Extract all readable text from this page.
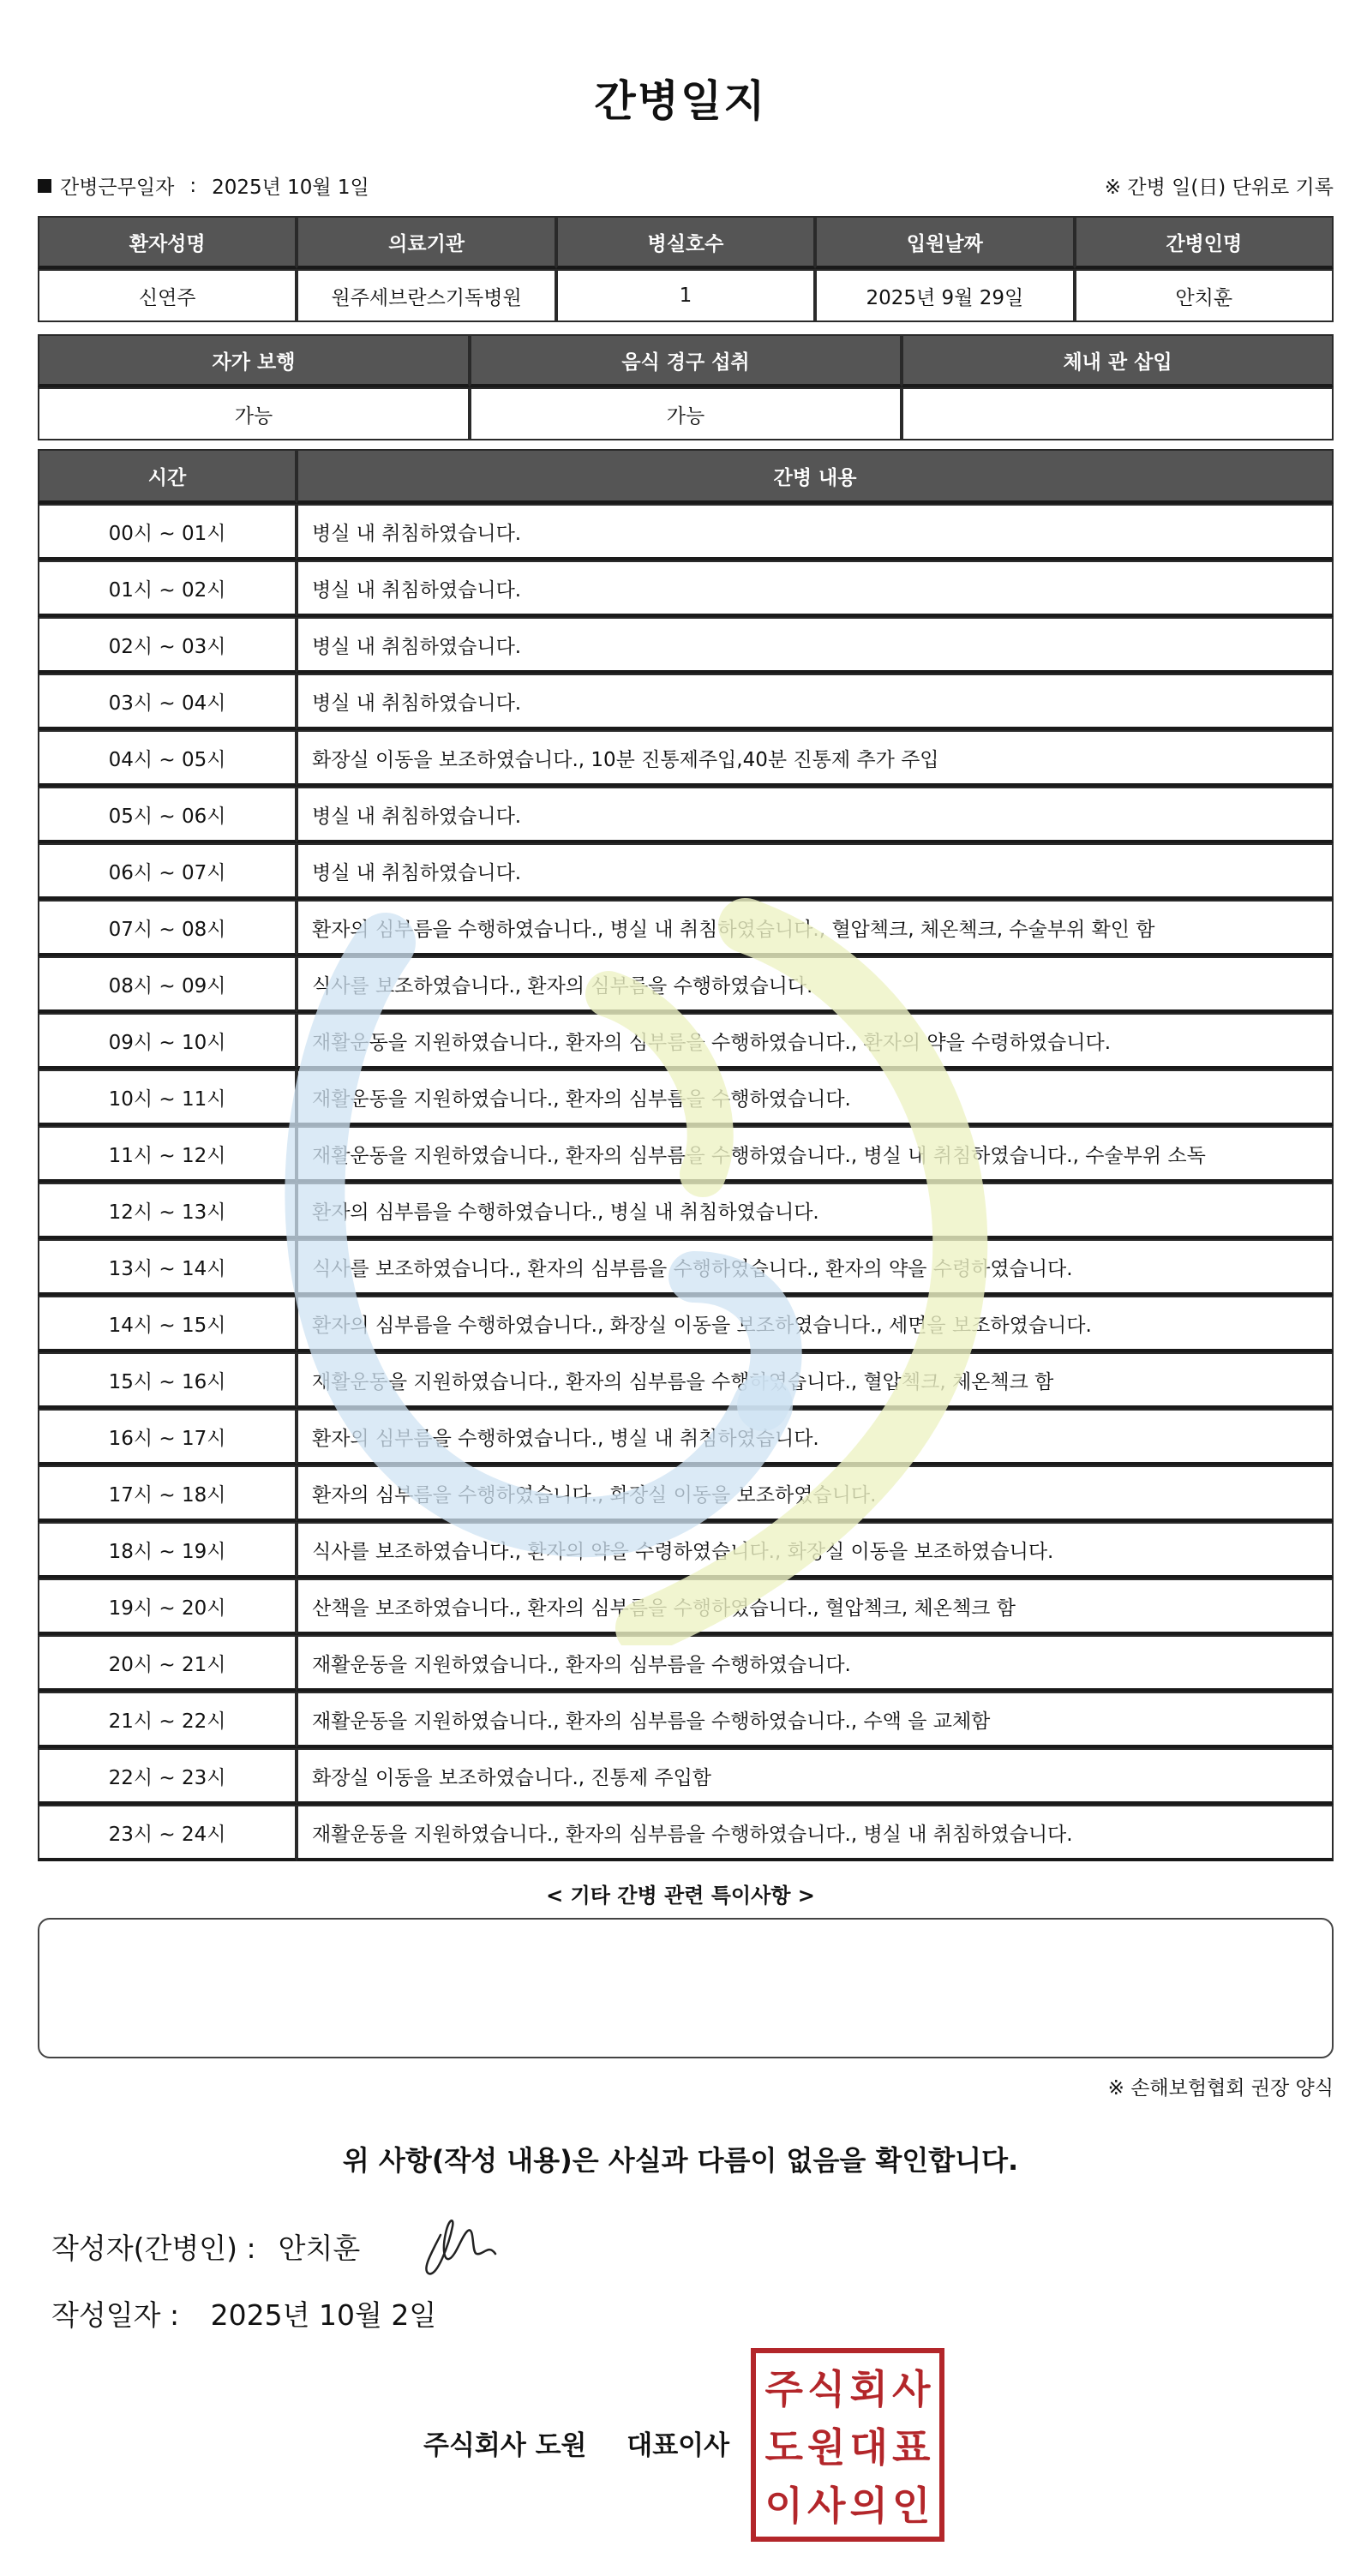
간병일지
간병근무일자 : 2025년 10월 1일	※ 간병 일(日) 단위로 기록
환자성명	의료기관	병실호수	입원날짜	간병인명
신연주	원주세브란스기독병원	1	2025년 9월 29일	안치훈
자가 보행	음식 경구 섭취	체내 관 삽입
가능	가능	
시간	간병 내용
00시 ~ 01시	병실 내 취침하였습니다.
01시 ~ 02시	병실 내 취침하였습니다.
02시 ~ 03시	병실 내 취침하였습니다.
03시 ~ 04시	병실 내 취침하였습니다.
04시 ~ 05시	화장실 이동을 보조하였습니다., 10분 진통제주입,40분 진통제 추가 주입
05시 ~ 06시	병실 내 취침하였습니다.
06시 ~ 07시	병실 내 취침하였습니다.
07시 ~ 08시	환자의 심부름을 수행하였습니다., 병실 내 취침하였습니다., 혈압첵크, 체온첵크, 수술부위 확인 함
08시 ~ 09시	식사를 보조하였습니다., 환자의 심부름을 수행하였습니다.
09시 ~ 10시	재활운동을 지원하였습니다., 환자의 심부름을 수행하였습니다., 환자의 약을 수령하였습니다.
10시 ~ 11시	재활운동을 지원하였습니다., 환자의 심부름을 수행하였습니다.
11시 ~ 12시	재활운동을 지원하였습니다., 환자의 심부름을 수행하였습니다., 병실 내 취침하였습니다., 수술부위 소독
12시 ~ 13시	환자의 심부름을 수행하였습니다., 병실 내 취침하였습니다.
13시 ~ 14시	식사를 보조하였습니다., 환자의 심부름을 수행하였습니다., 환자의 약을 수령하였습니다.
14시 ~ 15시	환자의 심부름을 수행하였습니다., 화장실 이동을 보조하였습니다., 세면을 보조하였습니다.
15시 ~ 16시	재활운동을 지원하였습니다., 환자의 심부름을 수행하였습니다., 혈압첵크, 체온첵크 함
16시 ~ 17시	환자의 심부름을 수행하였습니다., 병실 내 취침하였습니다.
17시 ~ 18시	환자의 심부름을 수행하였습니다., 화장실 이동을 보조하였습니다.
18시 ~ 19시	식사를 보조하였습니다., 환자의 약을 수령하였습니다., 화장실 이동을 보조하였습니다.
19시 ~ 20시	산책을 보조하였습니다., 환자의 심부름을 수행하였습니다., 혈압첵크, 체온첵크 함
20시 ~ 21시	재활운동을 지원하였습니다., 환자의 심부름을 수행하였습니다.
21시 ~ 22시	재활운동을 지원하였습니다., 환자의 심부름을 수행하였습니다., 수액 을 교체함
22시 ~ 23시	화장실 이동을 보조하였습니다., 진통제 주입함
23시 ~ 24시	재활운동을 지원하였습니다., 환자의 심부름을 수행하였습니다., 병실 내 취침하였습니다.
< 기타 간병 관련 특이사항 >
※ 손해보험협회 권장 양식
위 사항(작성 내용)은 사실과 다름이 없음을 확인합니다.
작성자(간병인) : 안치훈
작성일자 : 2025년 10월 2일
주식회사 도원 대표이사
주 식 회 사
도 원 대 표
이 사 의 인
